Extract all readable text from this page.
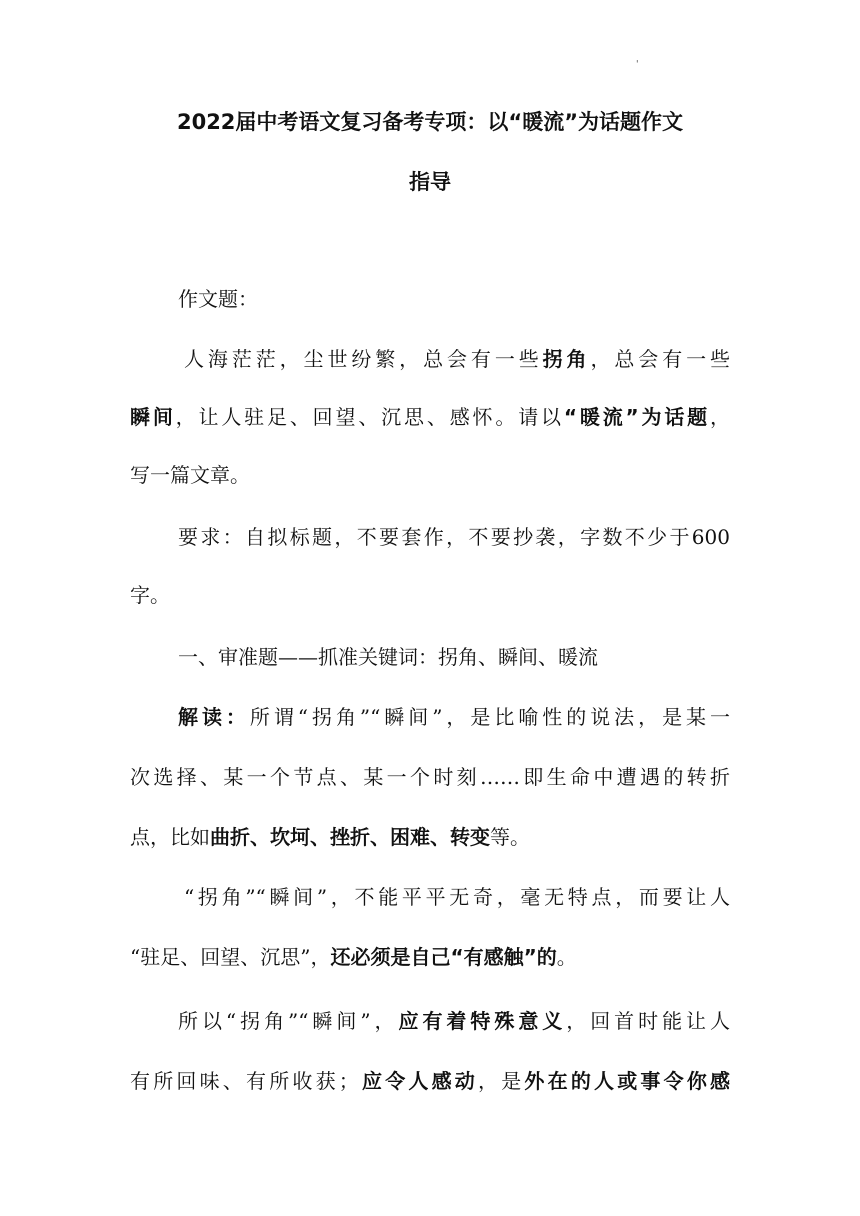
'
2022届中考语文复习备考专项：以“暖流”为话题作文
指导
作文题：
人海茫茫，尘世纷繁，总会有一些拐角，总会有一些
瞬间，让人驻足、回望、沉思、感怀。请以“暖流”为话题，
写一篇文章。
要求：自拟标题，不要套作，不要抄袭，字数不少于600
字。
一、审准题——抓准关键词：拐角、瞬间、暖流
解读：所谓“拐角”“瞬间”，是比喻性的说法，是某一
次选择、某一个节点、某一个时刻……即生命中遭遇的转折
点，比如曲折、坎坷、挫折、困难、转变等。
“拐角”“瞬间”，不能平平无奇，毫无特点，而要让人
“驻足、回望、沉思”，还必须是自己“有感触”的。
所以“拐角”“瞬间”，应有着特殊意义，回首时能让人
有所回味、有所收获；应令人感动，是外在的人或事令你感
